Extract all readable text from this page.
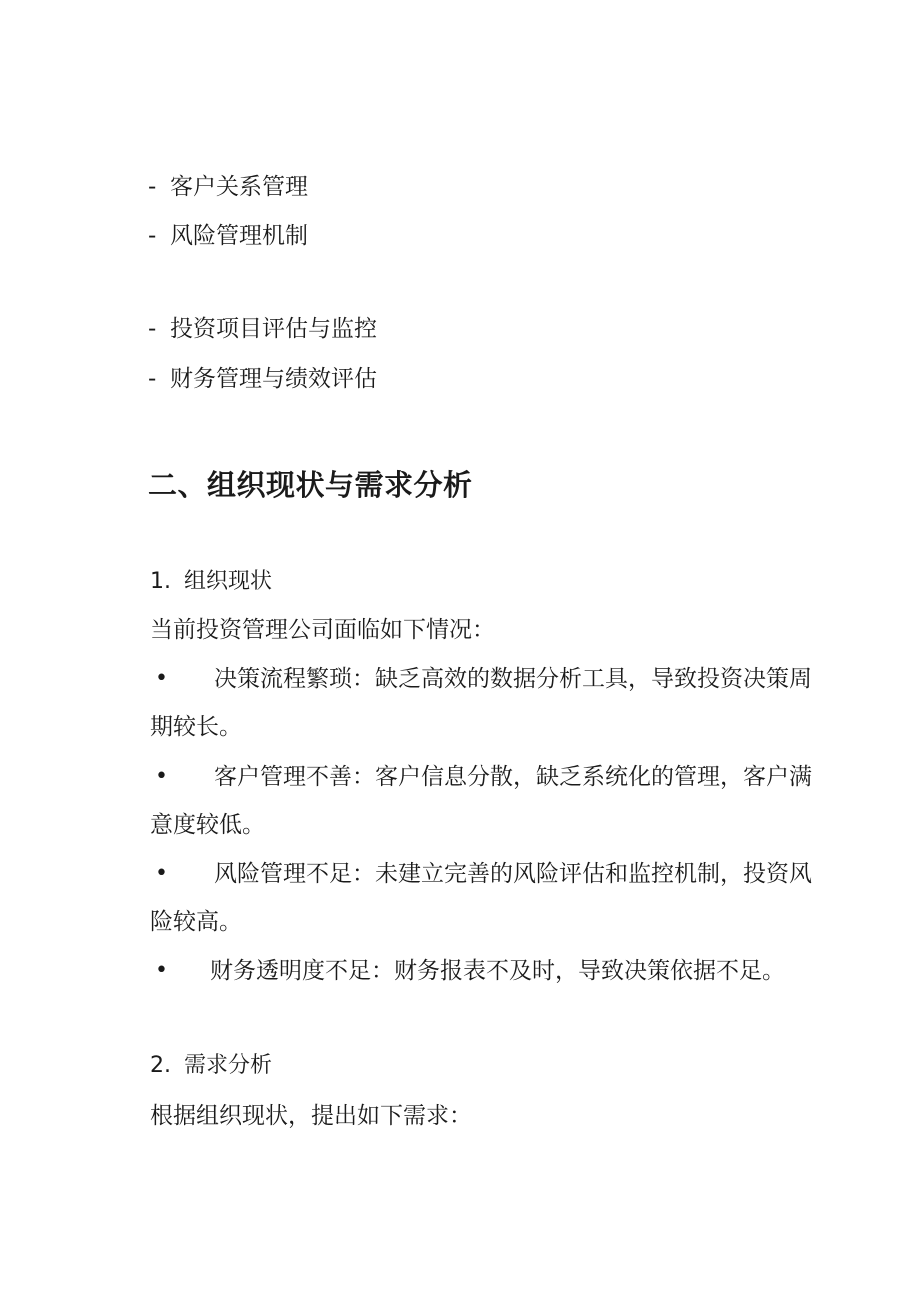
- 客户关系管理
- 风险管理机制
- 投资项目评估与监控
- 财务管理与绩效评估
二、组织现状与需求分析
1. 组织现状
当前投资管理公司面临如下情况：
• 决策流程繁琐：缺乏高效的数据分析工具，导致投资决策周
期较长。
• 客户管理不善：客户信息分散，缺乏系统化的管理，客户满
意度较低。
• 风险管理不足：未建立完善的风险评估和监控机制，投资风
险较高。
• 财务透明度不足：财务报表不及时，导致决策依据不足。
2. 需求分析
根据组织现状，提出如下需求：
